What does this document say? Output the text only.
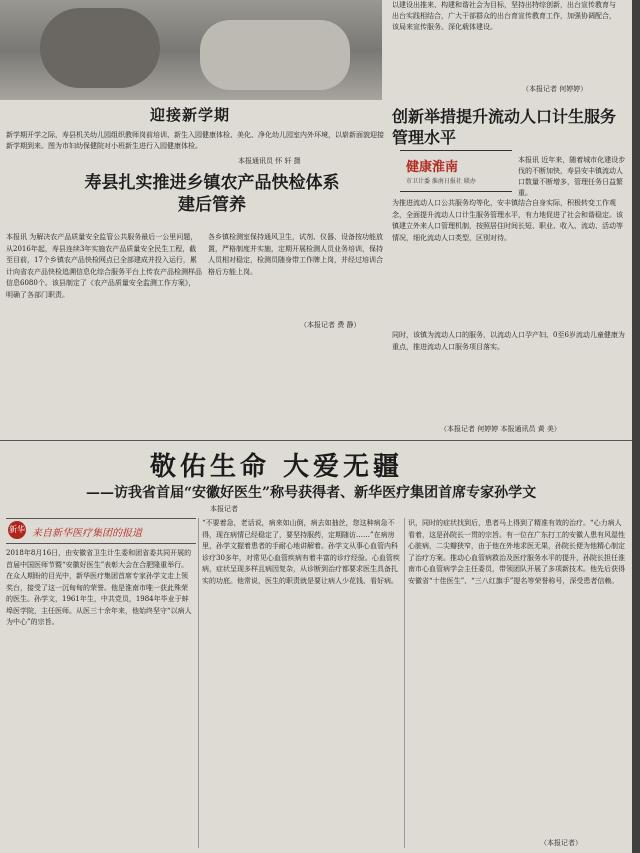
迎接新学期
新学期开学之际，寿县机关幼儿园组织教师岗前培训、新生入园健康体检、美化、净化幼儿园室内外环境，以崭新面貌迎接新学期到来。图为市妇幼保健院对小班新生进行入园健康体检。
本报通讯员 怀 轩 摄
以建设出推来、构建和谐社会为目标，坚持出特综创新，出台宣传教育与出台实践相结合，广大干部群众的出台育宣传教育工作，加强协调配合，该局来宣传服务。深化载体建设。
（本报记者 何婷婷）
创新举措提升流动人口计生服务管理水平
健康淮南
市卫计委 淮南日报社 联办
本报讯 近年来，随着城市化建设步伐的不断加快，寿县安丰镇流动人口数量不断增多，管理任务日益繁重。
为推进流动人口公共服务均等化，安丰镇结合自身实际，积极转变工作观念，全面提升流动人口计生服务管理水平，有力地促进了社会和谐稳定。该镇建立外来人口管理机制，按照居住时间长短、职业、收入、流动、活动等情况，细化流动人口类型，区别对待。
同时，该镇为流动人口的服务，以流动人口孕产妇、0至6岁流动儿童健康为重点，推进流动人口服务项目落实。
寿县扎实推进乡镇农产品快检体系建后管养
本报讯 为解决农产品质量安全监管公共服务最后一公里问题，从2016年起，寿县连续3年实施农产品质量安全民生工程，截至目前，17个乡镇农产品快检网点已全部建成并投入运行，累计向省农产品快检追溯信息化综合服务平台上传农产品检测样品信息6080个。该县制定了《农产品质量安全监测工作方案》，明确了各部门职责。
各乡镇检测室保持通风卫生，试剂、仪器、设备按功能放置，严格制度并实施，定期开展检测人员业务培训，保持人员相对稳定，检测员随身带工作牌上岗，并经过培训合格后方能上岗。
敬佑生命 大爱无疆
——访我省首届“安徽好医生”称号获得者、新华医疗集团首席专家孙学文
本报记者
新华 来自新华医疗集团的报道
2018年8月16日，由安徽省卫生计生委和团省委共同开展的首届中国医师节暨“安徽好医生”表彰大会在合肥隆重举行。在众人期盼的目光中，新华医疗集团首席专家孙学文走上领奖台，接受了这一沉甸甸的荣誉。他是淮南市唯一获此殊荣的医生。孙学文，1961年生，中共党员，1984年毕业于蚌埠医学院，主任医师。从医三十余年来，他始终坚守“以病人为中心”的宗旨。
“不要着急，老话说，病来如山倒，病去如抽丝，您这种病急不得，现在病情已经稳定了，要坚持服药，定期随访……”在病房里，孙学文握着患者的手耐心地讲解着。孙学文从事心血管内科诊疗30多年，对常见心血管疾病有着丰富的诊疗经验。心血管疾病，症状呈现多样且病因复杂，从诊断到治疗都要求医生具备扎实的功底。他常说，医生的职责就是要让病人少花钱、看好病。
识，同时的症状找到后，患者马上得到了精准有效的治疗。“心力病人看着，这是孙院长一贯的宗旨。有一位在广东打工的安徽人患有风湿性心脏病，二尖瓣狭窄，由于他在外地求医无果，孙院长便为他精心制定了治疗方案。推动心血管病救治及医疗服务水平的提升，孙院长担任淮南市心血管病学会主任委员，带领团队开展了多项新技术。他先后获得安徽省“十佳医生”、“三八红旗手”提名等荣誉称号，深受患者信赖。
（本报记者 费 静）
（本报记者 何婷婷 本报通讯员 黄 美）
（本报记者）
